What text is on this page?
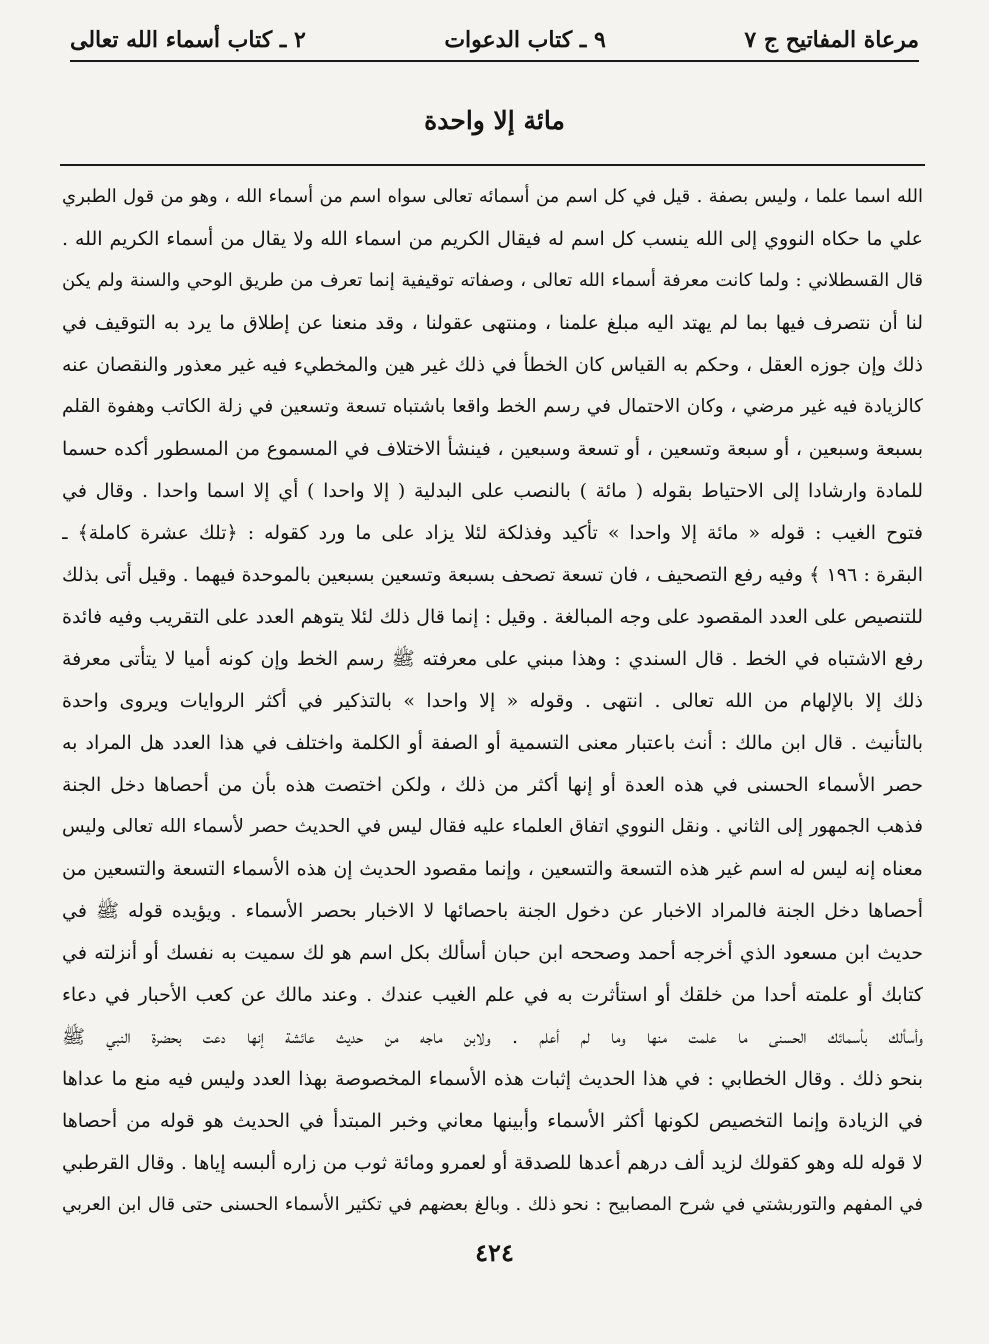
مرعاة المفاتيح ج ٧
٩ ـ كتاب الدعوات
٢ ـ كتاب أسماء الله تعالى
مائة إلا واحدة
الله اسما علما ، وليس بصفة . قيل في كل اسم من أسمائه تعالى سواه اسم من أسماء الله ، وهو من قول الطبري
علي ما حكاه النووي إلى الله ينسب كل اسم له فيقال الكريم من اسماء الله ولا يقال من أسماء الكريم الله .
قال القسطلاني : ولما كانت معرفة أسماء الله تعالى ، وصفاته توقيفية إنما تعرف من طريق الوحي والسنة ولم يكن
لنا أن نتصرف فيها بما لم يهتد اليه مبلغ علمنا ، ومنتهى عقولنا ، وقد منعنا عن إطلاق ما يرد به التوقيف في
ذلك وإن جوزه العقل ، وحكم به القياس كان الخطأ في ذلك غير هين والمخطيء فيه غير معذور والنقصان عنه
كالزيادة فيه غير مرضي ، وكان الاحتمال في رسم الخط واقعا باشتباه تسعة وتسعين في زلة الكاتب وهفوة القلم
بسبعة وسبعين ، أو سبعة وتسعين ، أو تسعة وسبعين ، فينشأ الاختلاف في المسموع من المسطور أكده حسما
للمادة وارشادا إلى الاحتياط بقوله ( مائة ) بالنصب على البدلية ( إلا واحدا ) أي إلا اسما واحدا . وقال في
فتوح الغيب : قوله « مائة إلا واحدا » تأكيد وفذلكة لئلا يزاد على ما ورد كقوله : ﴿تلك عشرة كاملة﴾ ـ
البقرة : ١٩٦ ﴾ وفيه رفع التصحيف ، فان تسعة تصحف بسبعة وتسعين بسبعين بالموحدة فيهما . وقيل أتى بذلك
للتنصيص على العدد المقصود على وجه المبالغة . وقيل : إنما قال ذلك لئلا يتوهم العدد على التقريب وفيه فائدة
رفع الاشتباه في الخط . قال السندي : وهذا مبني على معرفته ﷺ رسم الخط وإن كونه أميا لا يتأتى معرفة
ذلك إلا بالإلهام من الله تعالى . انتهى . وقوله « إلا واحدا » بالتذكير في أكثر الروايات ويروى واحدة
بالتأنيث . قال ابن مالك : أنث باعتبار معنى التسمية أو الصفة أو الكلمة واختلف في هذا العدد هل المراد به
حصر الأسماء الحسنى في هذه العدة أو إنها أكثر من ذلك ، ولكن اختصت هذه بأن من أحصاها دخل الجنة
فذهب الجمهور إلى الثاني . ونقل النووي اتفاق العلماء عليه فقال ليس في الحديث حصر لأسماء الله تعالى وليس
معناه إنه ليس له اسم غير هذه التسعة والتسعين ، وإنما مقصود الحديث إن هذه الأسماء التسعة والتسعين من
أحصاها دخل الجنة فالمراد الاخبار عن دخول الجنة باحصائها لا الاخبار بحصر الأسماء . ويؤيده قوله ﷺ في
حديث ابن مسعود الذي أخرجه أحمد وصححه ابن حبان أسألك بكل اسم هو لك سميت به نفسك أو أنزلته في
كتابك أو علمته أحدا من خلقك أو استأثرت به في علم الغيب عندك . وعند مالك عن كعب الأحبار في دعاء
وأسألك بأسمائك الحسنى ما علمت منها وما لم أعلم . ولابن ماجه من حديث عائشة إنها دعت بحضرة النبي ﷺ
بنحو ذلك . وقال الخطابي : في هذا الحديث إثبات هذه الأسماء المخصوصة بهذا العدد وليس فيه منع ما عداها
في الزيادة وإنما التخصيص لكونها أكثر الأسماء وأبينها معاني وخبر المبتدأ في الحديث هو قوله من أحصاها
لا قوله لله وهو كقولك لزيد ألف درهم أعدها للصدقة أو لعمرو ومائة ثوب من زاره ألبسه إياها . وقال القرطبي
في المفهم والتوربشتي في شرح المصابيح : نحو ذلك . وبالغ بعضهم في تكثير الأسماء الحسنى حتى قال ابن العربي
٤٢٤
